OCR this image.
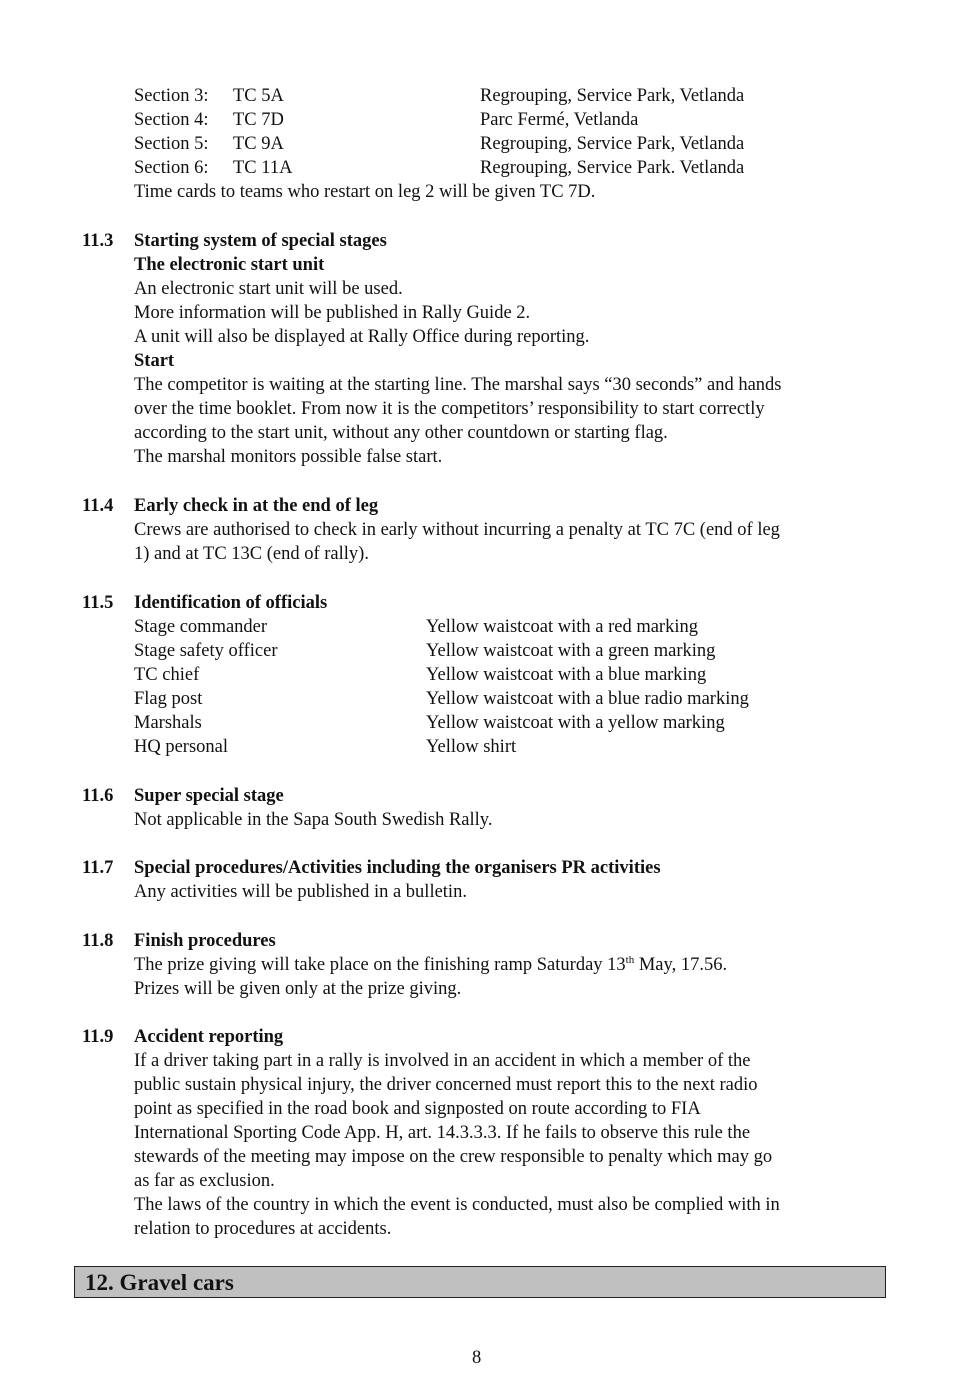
Section 3: TC 5A	Regrouping, Service Park, Vetlanda
Section 4: TC 7D	Parc Fermé, Vetlanda
Section 5: TC 9A	Regrouping, Service Park, Vetlanda
Section 6: TC 11A	Regrouping, Service Park. Vetlanda
Time cards to teams who restart on leg 2 will be given TC 7D.
11.3 Starting system of special stages
The electronic start unit
An electronic start unit will be used.
More information will be published in Rally Guide 2.
A unit will also be displayed at Rally Office during reporting.
Start
The competitor is waiting at the starting line. The marshal says “30 seconds” and hands
over the time booklet. From now it is the competitors’ responsibility to start correctly
according to the start unit, without any other countdown or starting flag.
The marshal monitors possible false start.
11.4 Early check in at the end of leg
Crews are authorised to check in early without incurring a penalty at TC 7C (end of leg
1) and at TC 13C (end of rally).
11.5 Identification of officials
Stage commander	Yellow waistcoat with a red marking
Stage safety officer	Yellow waistcoat with a green marking
TC chief	Yellow waistcoat with a blue marking
Flag post	Yellow waistcoat with a blue radio marking
Marshals	Yellow waistcoat with a yellow marking
HQ personal	Yellow shirt
11.6 Super special stage
Not applicable in the Sapa South Swedish Rally.
11.7 Special procedures/Activities including the organisers PR activities
Any activities will be published in a bulletin.
11.8 Finish procedures
The prize giving will take place on the finishing ramp Saturday 13th May, 17.56.
Prizes will be given only at the prize giving.
11.9 Accident reporting
If a driver taking part in a rally is involved in an accident in which a member of the
public sustain physical injury, the driver concerned must report this to the next radio
point as specified in the road book and signposted on route according to FIA
International Sporting Code App. H, art. 14.3.3.3. If he fails to observe this rule the
stewards of the meeting may impose on the crew responsible to penalty which may go
as far as exclusion.
The laws of the country in which the event is conducted, must also be complied with in
relation to procedures at accidents.
12. Gravel cars
8
